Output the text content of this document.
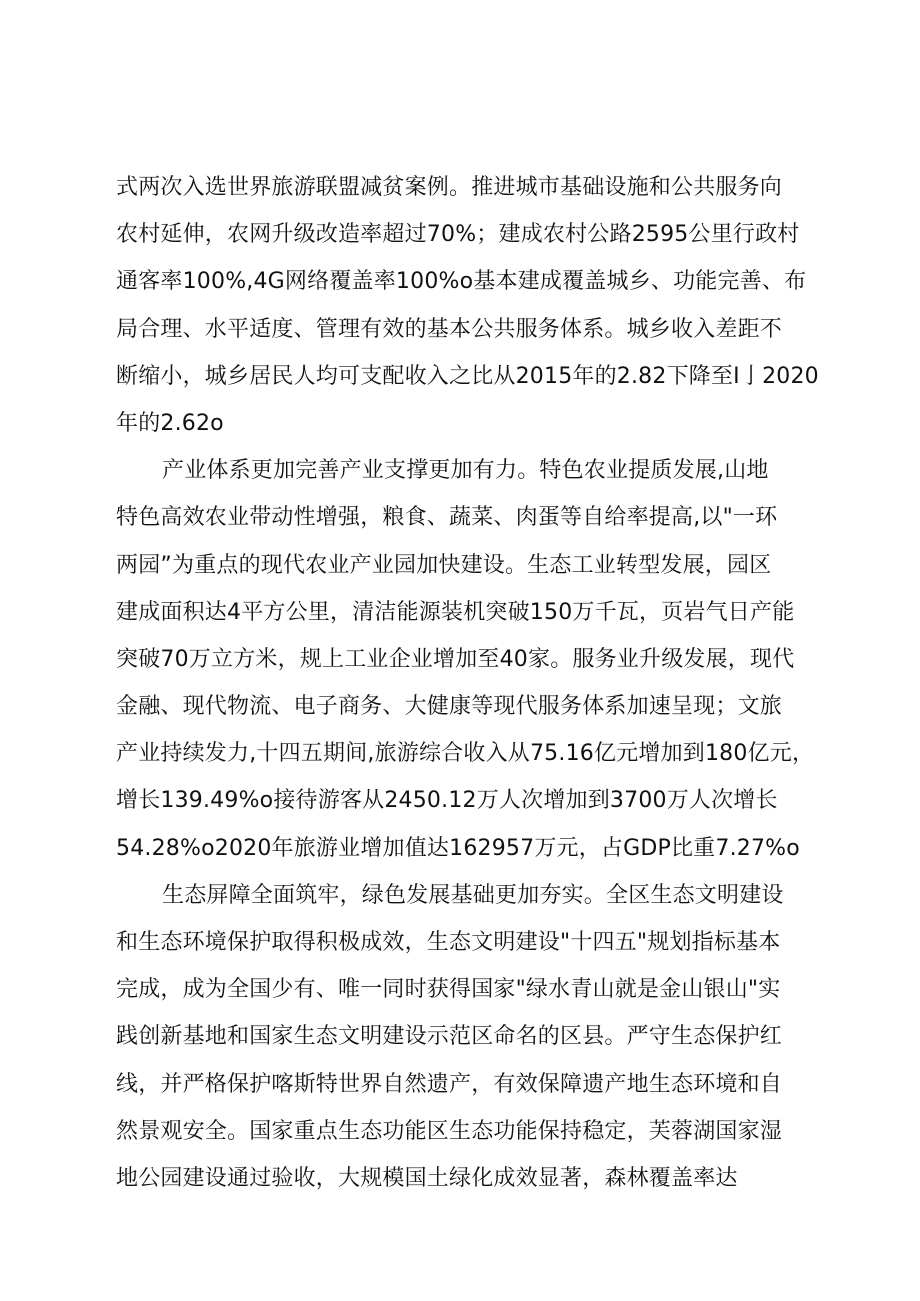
式两次入选世界旅游联盟减贫案例。推进城市基础设施和公共服务向
农村延伸，农网升级改造率超过70%；建成农村公路2595公里行政村
通客率100%,4G网络覆盖率100%o基本建成覆盖城乡、功能完善、布
局合理、水平适度、管理有效的基本公共服务体系。城乡收入差距不
断缩小，城乡居民人均可支配收入之比从2015年的2.82下降至I亅2020
年的2.62o
产业体系更加完善产业支撑更加有力。特色农业提质发展,山地
特色高效农业带动性增强，粮食、蔬菜、肉蛋等自给率提高,以"一环
两园”为重点的现代农业产业园加快建设。生态工业转型发展，园区
建成面积达4平方公里，清洁能源装机突破150万千瓦，页岩气日产能
突破70万立方米，规上工业企业增加至40家。服务业升级发展，现代
金融、现代物流、电子商务、大健康等现代服务体系加速呈现；文旅
产业持续发力,十四五期间,旅游综合收入从75.16亿元增加到180亿元，
增长139.49%o接待游客从2450.12万人次增加到3700万人次增长
54.28%o2020年旅游业增加值达162957万元，占GDP比重7.27%o
生态屏障全面筑牢，绿色发展基础更加夯实。全区生态文明建设
和生态环境保护取得积极成效，生态文明建设"十四五"规划指标基本
完成，成为全国少有、唯一同时获得国家"绿水青山就是金山银山"实
践创新基地和国家生态文明建设示范区命名的区县。严守生态保护红
线，并严格保护喀斯特世界自然遗产，有效保障遗产地生态环境和自
然景观安全。国家重点生态功能区生态功能保持稳定，芙蓉湖国家湿
地公园建设通过验收，大规模国土绿化成效显著，森林覆盖率达
